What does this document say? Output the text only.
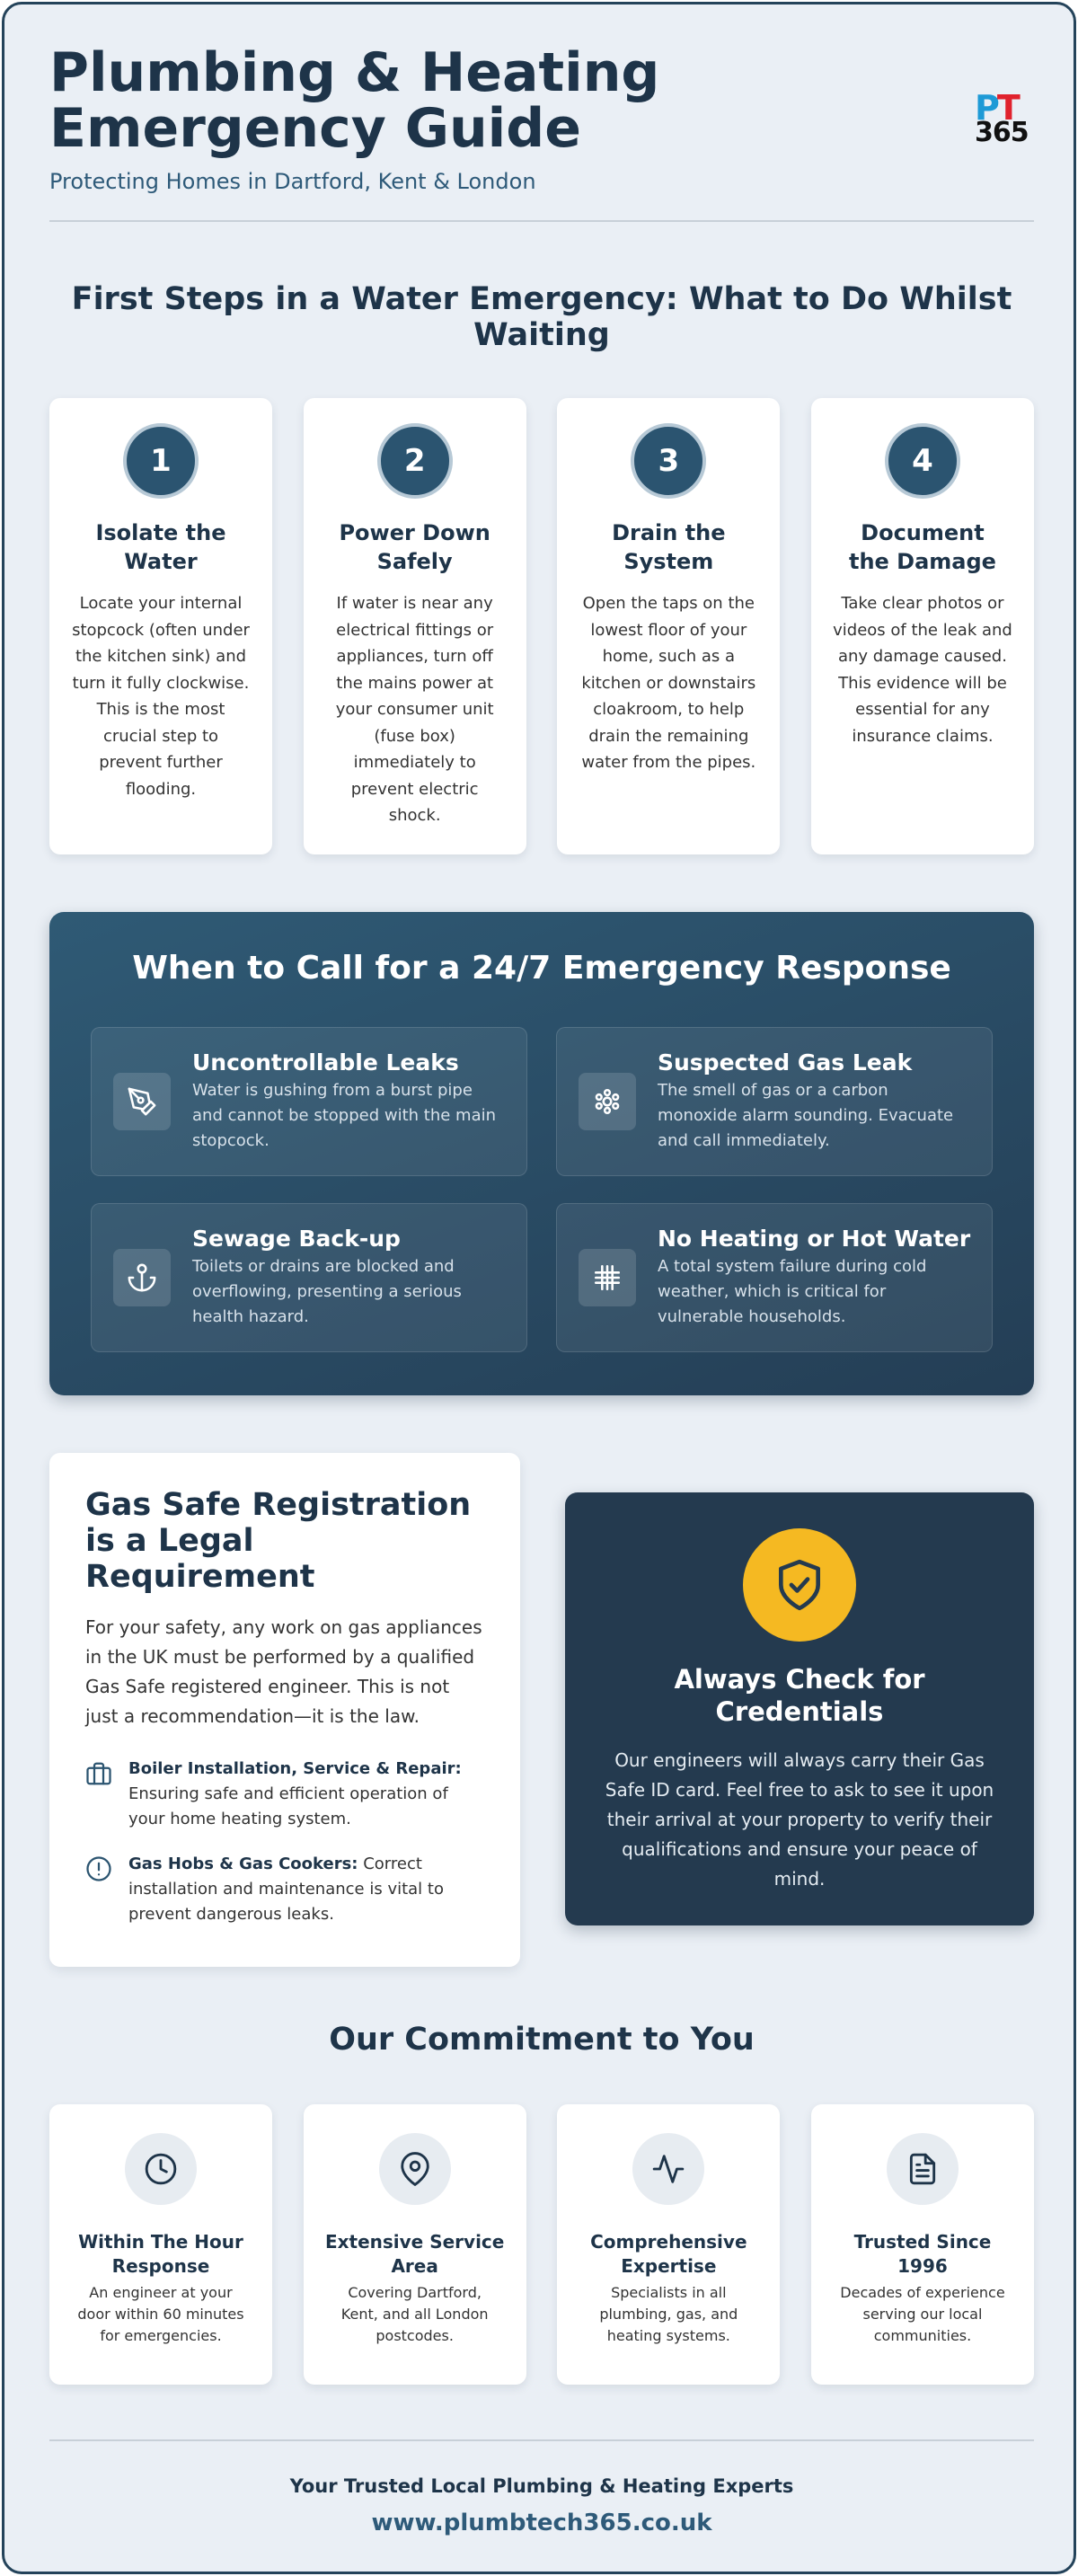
Plumbing & Heating Emergency Guide
Protecting Homes in Dartford, Kent & London
PT
365
First Steps in a Water Emergency: What to Do Whilst Waiting
1
Isolate the Water
Locate your internal stopcock (often under the kitchen sink) and turn it fully clockwise. This is the most crucial step to prevent further flooding.
2
Power Down Safely
If water is near any electrical fittings or appliances, turn off the mains power at your consumer unit (fuse box) immediately to prevent electric shock.
3
Drain the System
Open the taps on the lowest floor of your home, such as a kitchen or downstairs cloakroom, to help drain the remaining water from the pipes.
4
Document the Damage
Take clear photos or videos of the leak and any damage caused. This evidence will be essential for any insurance claims.
When to Call for a 24/7 Emergency Response
Uncontrollable Leaks
Water is gushing from a burst pipe and cannot be stopped with the main stopcock.
Suspected Gas Leak
The smell of gas or a carbon monoxide alarm sounding. Evacuate and call immediately.
Sewage Back-up
Toilets or drains are blocked and overflowing, presenting a serious health hazard.
No Heating or Hot Water
A total system failure during cold weather, which is critical for vulnerable households.
Gas Safe Registration is a Legal Requirement
For your safety, any work on gas appliances in the UK must be performed by a qualified Gas Safe registered engineer. This is not just a recommendation—it is the law.
Boiler Installation, Service & Repair: Ensuring safe and efficient operation of your home heating system.
Gas Hobs & Gas Cookers: Correct installation and maintenance is vital to prevent dangerous leaks.
Always Check for Credentials
Our engineers will always carry their Gas Safe ID card. Feel free to ask to see it upon their arrival at your property to verify their qualifications and ensure your peace of mind.
Our Commitment to You
Within The Hour Response
An engineer at your door within 60 minutes for emergencies.
Extensive Service Area
Covering Dartford, Kent, and all London postcodes.
Comprehensive Expertise
Specialists in all plumbing, gas, and heating systems.
Trusted Since 1996
Decades of experience serving our local communities.
Your Trusted Local Plumbing & Heating Experts
www.plumbtech365.co.uk
